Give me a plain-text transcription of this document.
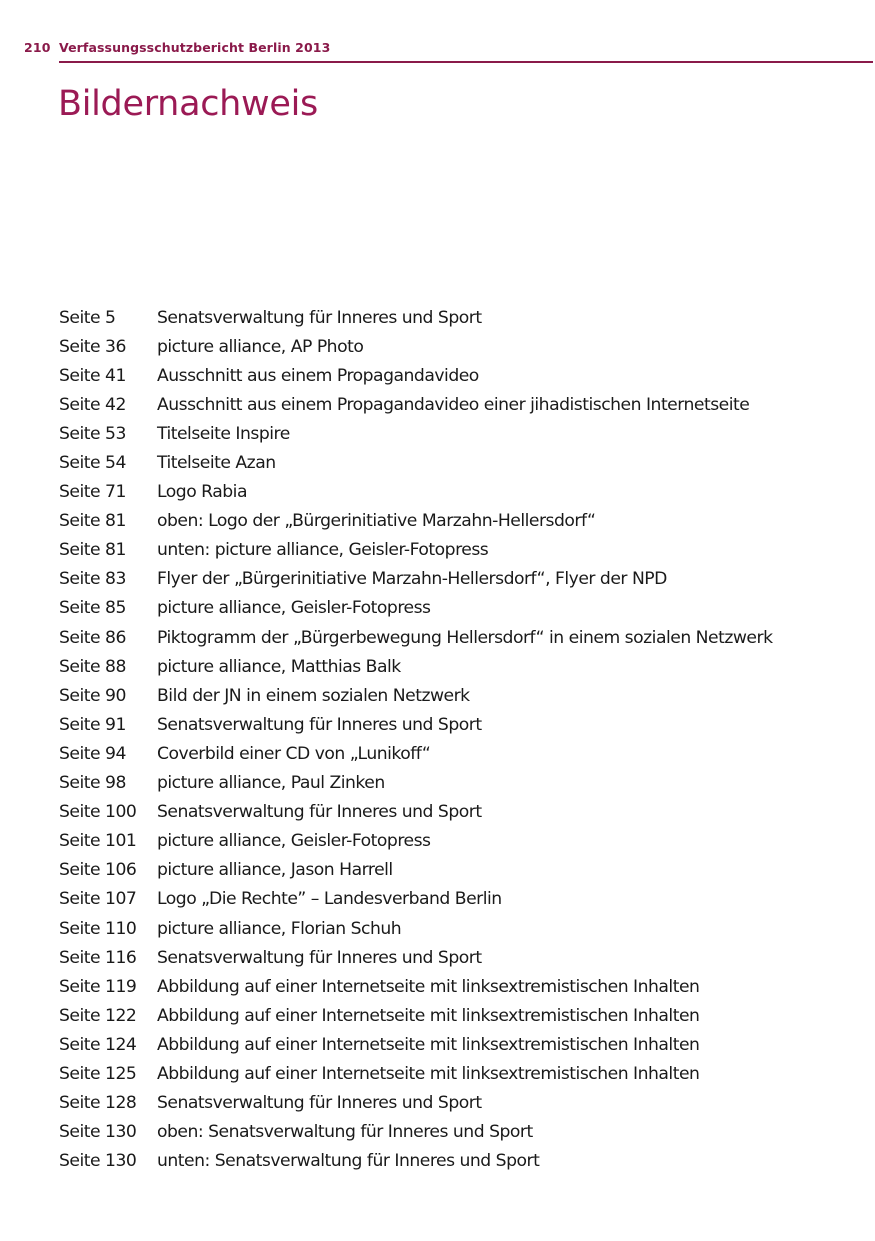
210 Verfassungsschutzbericht Berlin 2013
Bildernachweis
Seite 5	Senatsverwaltung für Inneres und Sport
Seite 36	picture alliance, AP Photo
Seite 41	Ausschnitt aus einem Propagandavideo
Seite 42	Ausschnitt aus einem Propagandavideo einer jihadistischen Internetseite
Seite 53	Titelseite Inspire
Seite 54	Titelseite Azan
Seite 71	Logo Rabia
Seite 81	oben: Logo der „Bürgerinitiative Marzahn-Hellersdorf“
Seite 81	unten: picture alliance, Geisler-Fotopress
Seite 83	Flyer der „Bürgerinitiative Marzahn-Hellersdorf“, Flyer der NPD
Seite 85	picture alliance, Geisler-Fotopress
Seite 86	Piktogramm der „Bürgerbewegung Hellersdorf“ in einem sozialen Netzwerk
Seite 88	picture alliance, Matthias Balk
Seite 90	Bild der JN in einem sozialen Netzwerk
Seite 91	Senatsverwaltung für Inneres und Sport
Seite 94	Coverbild einer CD von „Lunikoff“
Seite 98	picture alliance, Paul Zinken
Seite 100	Senatsverwaltung für Inneres und Sport
Seite 101	picture alliance, Geisler-Fotopress
Seite 106	picture alliance, Jason Harrell
Seite 107	Logo „Die Rechte” – Landesverband Berlin
Seite 110	picture alliance, Florian Schuh
Seite 116	Senatsverwaltung für Inneres und Sport
Seite 119	Abbildung auf einer Internetseite mit linksextremistischen Inhalten
Seite 122	Abbildung auf einer Internetseite mit linksextremistischen Inhalten
Seite 124	Abbildung auf einer Internetseite mit linksextremistischen Inhalten
Seite 125	Abbildung auf einer Internetseite mit linksextremistischen Inhalten
Seite 128	Senatsverwaltung für Inneres und Sport
Seite 130	oben: Senatsverwaltung für Inneres und Sport
Seite 130	unten: Senatsverwaltung für Inneres und Sport
